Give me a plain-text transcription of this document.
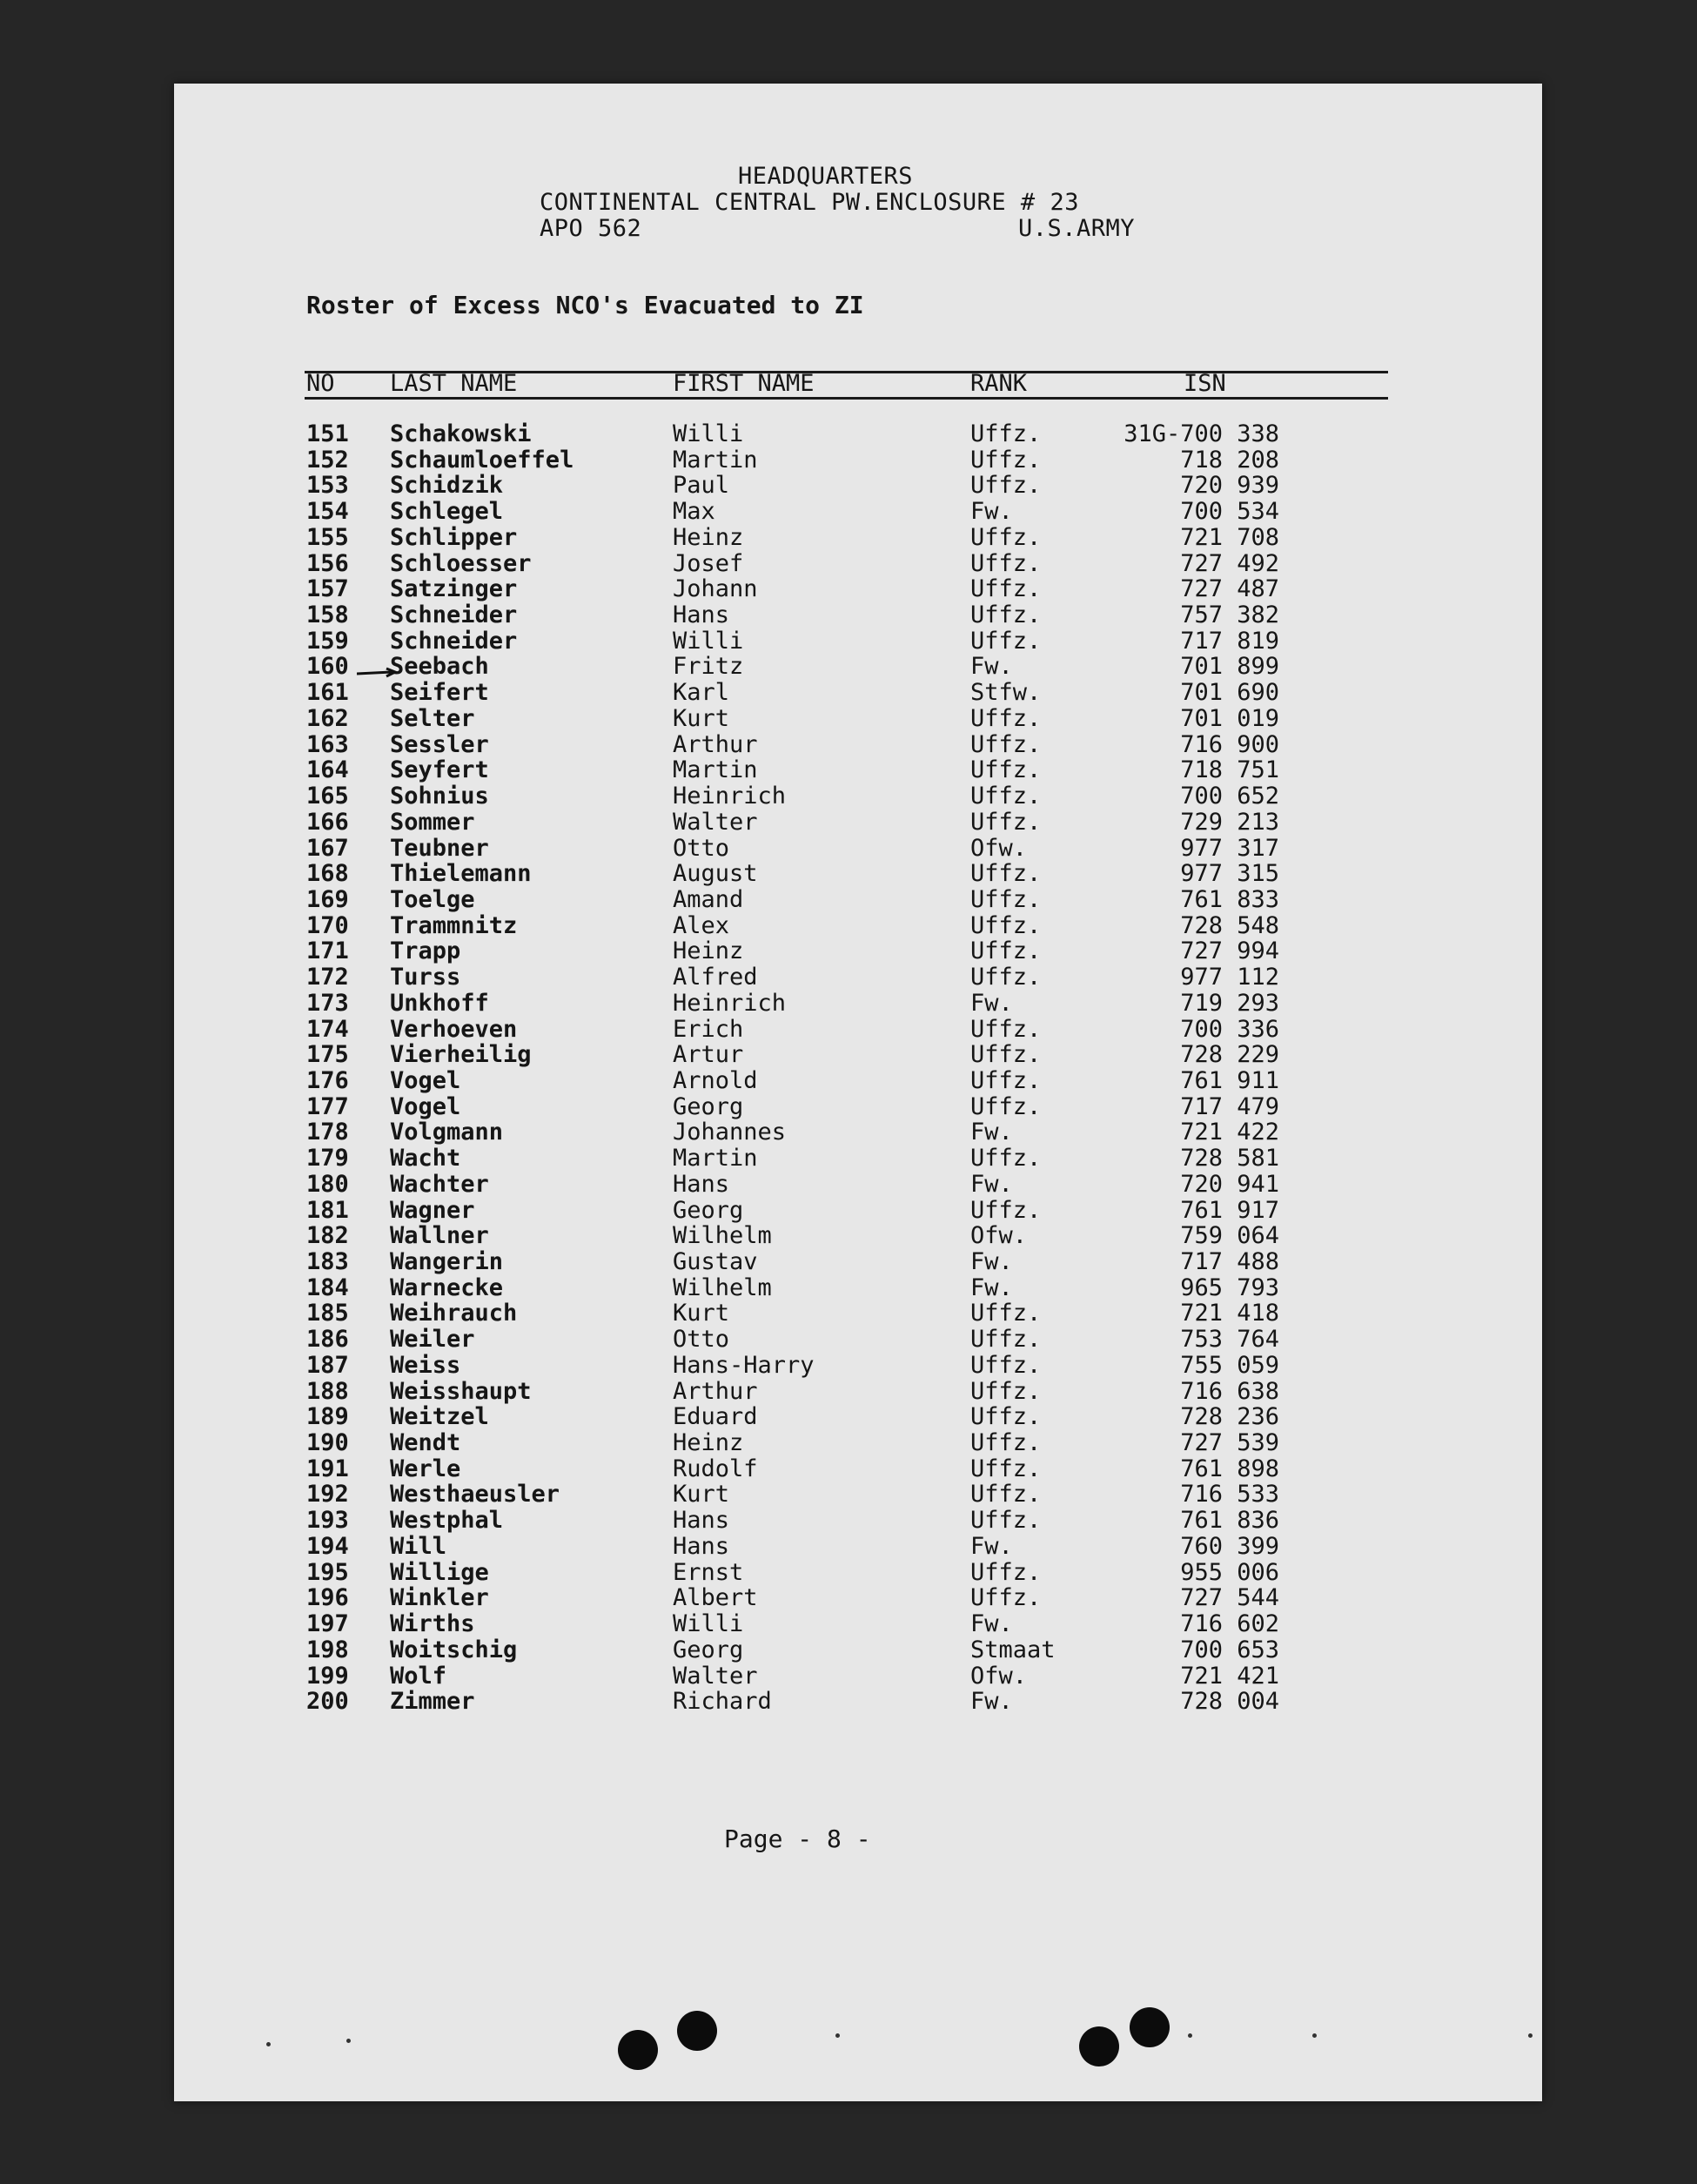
HEADQUARTERS
CONTINENTAL CENTRAL PW.ENCLOSURE # 23
APO 562	U.S.ARMY
Roster of Excess NCO's Evacuated to ZI
NO LAST NAME	FIRST NAME	RANK	ISN
151 Schakowski	Willi	Uffz.	31G-700 338
152 Schaumloeffel	Martin	Uffz.	718 208
153 Schidzik	Paul	Uffz.	720 939
154 Schlegel	Max	Fw.	700 534
155 Schlipper	Heinz	Uffz.	721 708
156 Schloesser	Josef	Uffz.	727 492
157 Satzinger	Johann	Uffz.	727 487
158 Schneider	Hans	Uffz.	757 382
159 Schneider	Willi	Uffz.	717 819
160 Seebach	Fritz	Fw.	701 899
161 Seifert	Karl	Stfw.	701 690
162 Selter	Kurt	Uffz.	701 019
163 Sessler	Arthur	Uffz.	716 900
164 Seyfert	Martin	Uffz.	718 751
165 Sohnius	Heinrich	Uffz.	700 652
166 Sommer	Walter	Uffz.	729 213
167 Teubner	Otto	Ofw.	977 317
168 Thielemann	August	Uffz.	977 315
169 Toelge	Amand	Uffz.	761 833
170 Trammnitz	Alex	Uffz.	728 548
171 Trapp	Heinz	Uffz.	727 994
172 Turss	Alfred	Uffz.	977 112
173 Unkhoff	Heinrich	Fw.	719 293
174 Verhoeven	Erich	Uffz.	700 336
175 Vierheilig	Artur	Uffz.	728 229
176 Vogel	Arnold	Uffz.	761 911
177 Vogel	Georg	Uffz.	717 479
178 Volgmann	Johannes	Fw.	721 422
179 Wacht	Martin	Uffz.	728 581
180 Wachter	Hans	Fw.	720 941
181 Wagner	Georg	Uffz.	761 917
182 Wallner	Wilhelm	Ofw.	759 064
183 Wangerin	Gustav	Fw.	717 488
184 Warnecke	Wilhelm	Fw.	965 793
185 Weihrauch	Kurt	Uffz.	721 418
186 Weiler	Otto	Uffz.	753 764
187 Weiss	Hans-Harry	Uffz.	755 059
188 Weisshaupt	Arthur	Uffz.	716 638
189 Weitzel	Eduard	Uffz.	728 236
190 Wendt	Heinz	Uffz.	727 539
191 Werle	Rudolf	Uffz.	761 898
192 Westhaeusler	Kurt	Uffz.	716 533
193 Westphal	Hans	Uffz.	761 836
194 Will	Hans	Fw.	760 399
195 Willige	Ernst	Uffz.	955 006
196 Winkler	Albert	Uffz.	727 544
197 Wirths	Willi	Fw.	716 602
198 Woitschig	Georg	Stmaat	700 653
199 Wolf	Walter	Ofw.	721 421
200 Zimmer	Richard	Fw.	728 004
Page - 8 -
